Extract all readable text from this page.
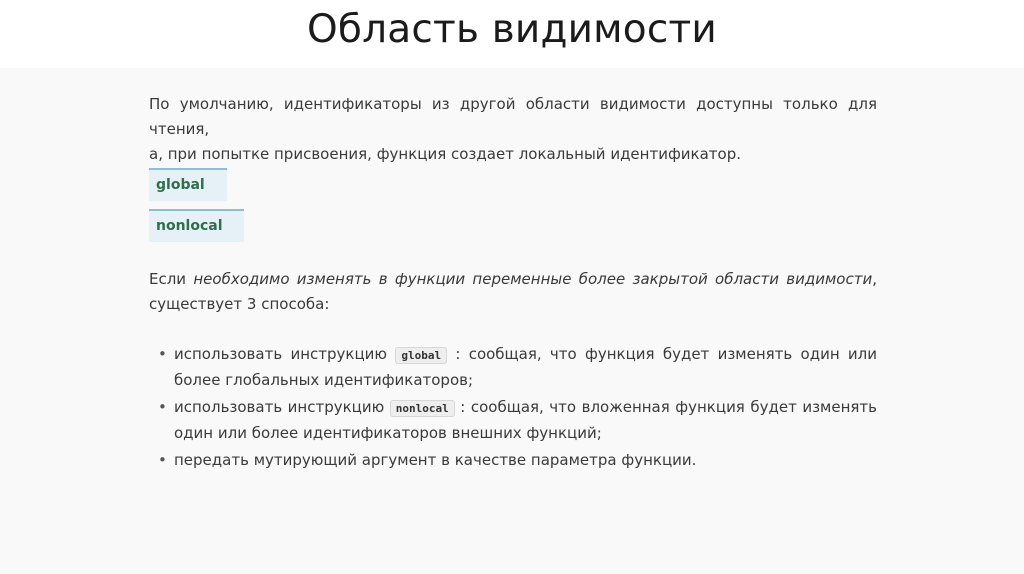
Область видимости
По умолчанию, идентификаторы из другой области видимости доступны только для чтения,
а, при попытке присвоения, функция создает локальный идентификатор.
global
nonlocal
Если необходимо изменять в функции переменные более закрытой области видимости, существует 3 способа:
• использовать инструкцию global : сообщая, что функция будет изменять один или более глобальных идентификаторов;
• использовать инструкцию nonlocal : сообщая, что вложенная функция будет изменять один или более идентификаторов внешних функций;
• передать мутирующий аргумент в качестве параметра функции.
